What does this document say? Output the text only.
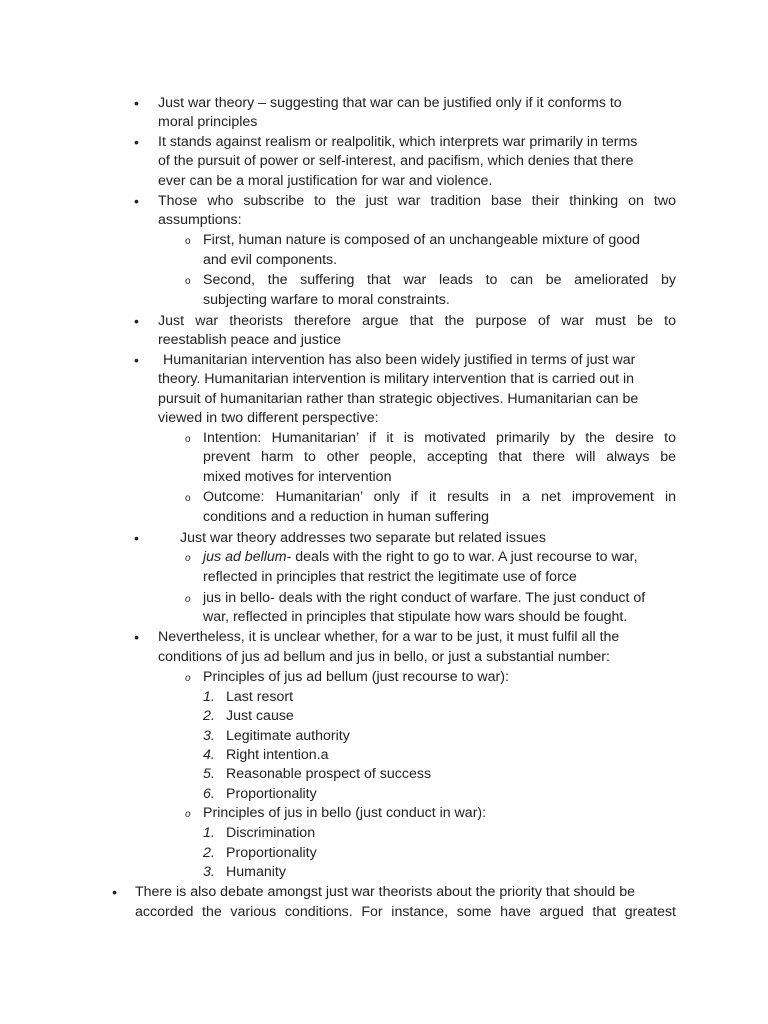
• Just war theory – suggesting that war can be justified only if it conforms to
moral principles
• It stands against realism or realpolitik, which interprets war primarily in terms
of the pursuit of power or self-interest, and pacifism, which denies that there
ever can be a moral justification for war and violence.
• Those who subscribe to the just war tradition base their thinking on two
assumptions:
o First, human nature is composed of an unchangeable mixture of good
and evil components.
o Second, the suffering that war leads to can be ameliorated by
subjecting warfare to moral constraints.
• Just war theorists therefore argue that the purpose of war must be to
reestablish peace and justice
• Humanitarian intervention has also been widely justified in terms of just war
theory. Humanitarian intervention is military intervention that is carried out in
pursuit of humanitarian rather than strategic objectives. Humanitarian can be
viewed in two different perspective:
o Intention: Humanitarian’ if it is motivated primarily by the desire to
prevent harm to other people, accepting that there will always be
mixed motives for intervention
o Outcome: Humanitarian’ only if it results in a net improvement in
conditions and a reduction in human suffering
•	Just war theory addresses two separate but related issues
o jus ad bellum- deals with the right to go to war. A just recourse to war,
reflected in principles that restrict the legitimate use of force
o jus in bello- deals with the right conduct of warfare. The just conduct of
war, reflected in principles that stipulate how wars should be fought.
• Nevertheless, it is unclear whether, for a war to be just, it must fulfil all the
conditions of jus ad bellum and jus in bello, or just a substantial number:
o Principles of jus ad bellum (just recourse to war):
1. Last resort
2. Just cause
3. Legitimate authority
4. Right intention.a
5. Reasonable prospect of success
6. Proportionality
o Principles of jus in bello (just conduct in war):
1. Discrimination
2. Proportionality
3. Humanity
• There is also debate amongst just war theorists about the priority that should be
accorded the various conditions. For instance, some have argued that greatest
